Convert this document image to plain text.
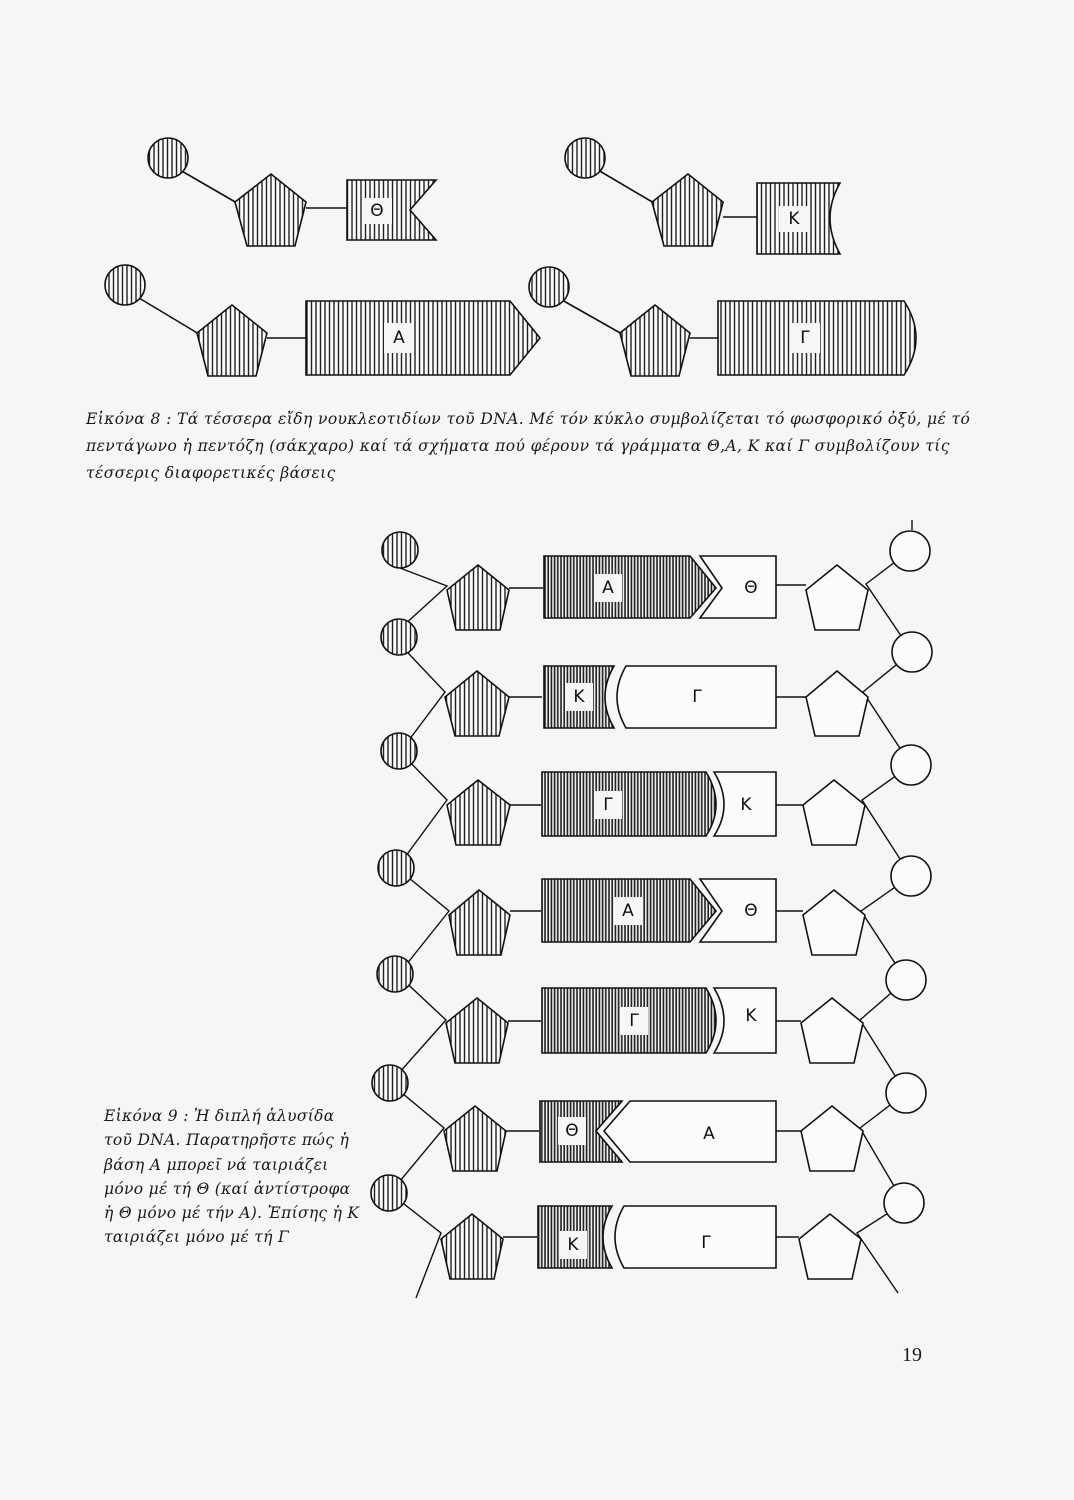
Θ	Κ
Α	Γ
Α	Θ
Κ	Γ
Γ	Κ
Α	Θ
Γ	Κ
Θ	Α
Κ	Γ
Εἰκόνα 8 : Τά τέσσερα εἴδη νουκλεοτιδίων τοῦ DNA. Μέ τόν κύκλο συμβολίζεται τό φωσφορικό ὀξύ, μέ τό πεντάγωνο ἡ πεντόζη (σάκχαρο) καί τά σχήματα πού φέρουν τά γράμματα Θ,Α, Κ καί Γ συμβολίζουν τίς τέσσερις διαφορετικές βάσεις
Εἰκόνα 9 : Ἡ διπλή ἁλυσίδα τοῦ DNA. Παρατηρῆστε πώς ἡ βάση Α μπορεῖ νά ταιριάζει μόνο μέ τή Θ (καί ἀντίστροφα ἡ Θ μόνο μέ τήν Α). Ἐπίσης ἡ Κ ταιριάζει μόνο μέ τή Γ
19
